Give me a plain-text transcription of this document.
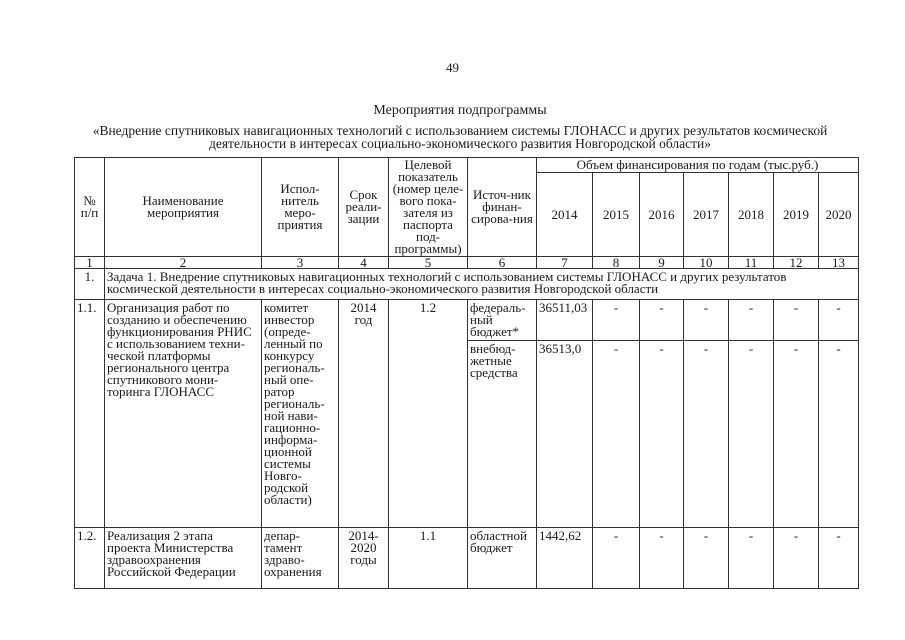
49
Мероприятия подпрограммы
«Внедрение спутниковых навигационных технологий с использованием системы ГЛОНАСС и других результатов космической деятельности в интересах социально-экономического развития Новгородской области»
№ п/п	Наименование мероприятия	Испол-нитель меро-приятия	Срок реали-зации	Целевой показатель (номер целе-вого пока-зателя из паспорта под-программы)	Источ-ник финан-сирова-ния	Объем финансирования по годам (тыс.руб.)						
						2014	2015	2016	2017	2018	2019	2020
1	2	3	4	5	6	7	8	9	10	11	12	13
1.	Задача 1. Внедрение спутниковых навигационных технологий с использованием системы ГЛОНАСС и других результатов космической деятельности в интересах социально-экономического развития Новгородской области											
1.1.	Организация работ по созданию и обеспечению функционирования РНИС с использованием техни-ческой платформы регионального центра спутникового мони-торинга ГЛОНАСС	комитет инвестор (опреде-ленный по конкурсу региональ-ный опе-ратор региональ-ной нави-гационно-информа-ционной системы Новго-родской области)	2014 год	1.2	федераль-ный бюджет*	36511,03	-	-	-	-	-	-
					внебюд-жетные средства	36513,0	-	-	-	-	-	-
1.2.	Реализация 2 этапа проекта Министерства здравоохранения Российской Федерации	депар-тамент здраво-охранения	2014-2020 годы	1.1	областной бюджет	1442,62	-	-	-	-	-	-
